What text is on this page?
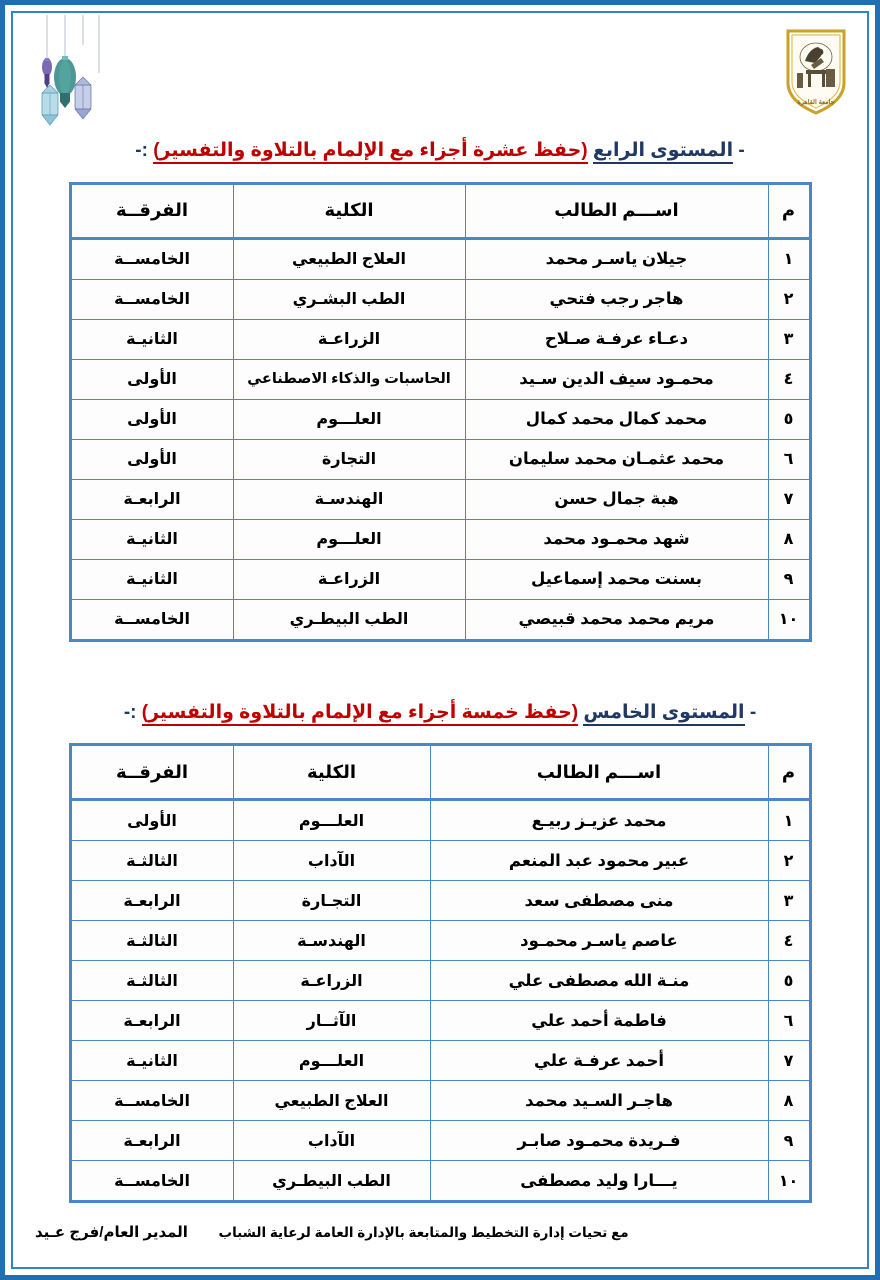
جامعة القاهرة
- المستوى الرابع (حفظ عشرة أجزاء مع الإلمام بالتلاوة والتفسير) :-
م	اســـم الطالب	الكلية	الفرقــة
١	جيلان ياسـر محمد	العلاج الطبيعي	الخامســة
٢	هاجر رجب فتحي	الطب البشـري	الخامســة
٣	دعـاء عرفـة صـلاح	الزراعـة	الثانيـة
٤	محمـود سيف الدين سـيد	الحاسبات والذكاء الاصطناعي	الأولى
٥	محمد كمال محمد كمال	العلـــوم	الأولى
٦	محمد عثمـان محمد سليمان	التجارة	الأولى
٧	هبة جمال حسن	الهندسـة	الرابعـة
٨	شهد محمـود محمد	العلـــوم	الثانيـة
٩	بسنت محمد إسماعيل	الزراعـة	الثانيـة
١٠	مريم محمد محمد قبيصي	الطب البيطـري	الخامســة
- المستوى الخامس (حفظ خمسة أجزاء مع الإلمام بالتلاوة والتفسير) :-
م	اســـم الطالب	الكلية	الفرقــة
١	محمد عزيـز ربيـع	العلـــوم	الأولى
٢	عبير محمود عبد المنعم	الآداب	الثالثـة
٣	منى مصطفى سعد	التجـارة	الرابعـة
٤	عاصم ياسـر محمـود	الهندسـة	الثالثـة
٥	منـة الله مصطفى علي	الزراعـة	الثالثـة
٦	فاطمة أحمد علي	الآثــار	الرابعـة
٧	أحمد عرفـة علي	العلـــوم	الثانيـة
٨	هاجـر السـيد محمد	العلاج الطبيعي	الخامســة
٩	فـريدة محمـود صابـر	الآداب	الرابعـة
١٠	يـــارا وليد مصطفى	الطب البيطـري	الخامســة
مع تحيات إدارة التخطيط والمتابعة بالإدارة العامة لرعاية الشباب
المدير العام/فرج عـيد
